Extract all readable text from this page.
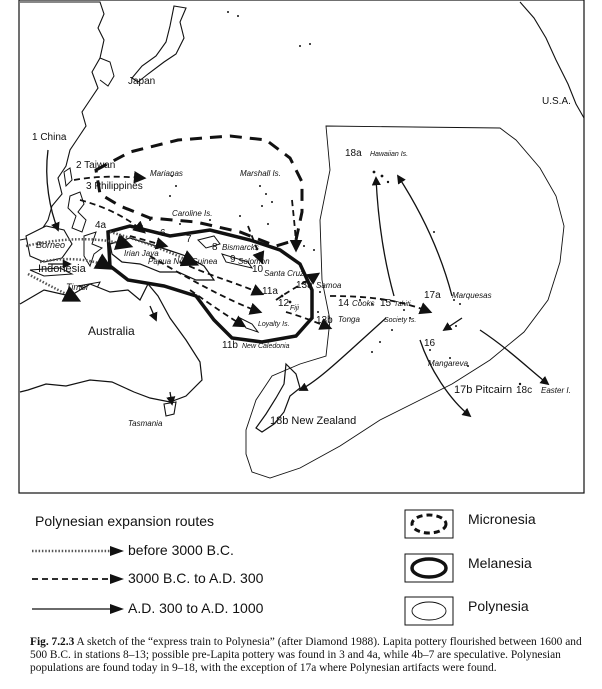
Japan
U.S.A.
Borneo
Indonesia
Timor
Australia
Tasmania
Marianas	Marshall Is.
Caroline Is.
Bismarcks
Solomon
Santa Cruz
Fiji
Loyalty Is.
New Caledonia
Samoa
Tonga
Cooks	Tahiti
Society Is.
Marquesas
Mangareva
Hawaiian Is.
Easter I.
Irian Jaya
Papua New Guinea
1 China
2 Taiwan
3 Philippines
4a
4b
5 6
7
8
9
10
11a
11b
12
13a
13b
14	15
16
17a
17b Pitcairn
18a
18b New Zealand
18c
Polynesian expansion routes
before 3000 B.C.
3000 B.C. to A.D. 300
A.D. 300 to A.D. 1000
Micronesia
Melanesia
Polynesia
Fig. 7.2.3 A sketch of the “express train to Polynesia” (after Diamond 1988). Lapita pottery flourished between 1600 and 500 B.C. in stations 8–13; possible pre-Lapita pottery was found in 3 and 4a, while 4b–7 are speculative. Polynesian populations are found today in 9–18, with the exception of 17a where Polynesian artifacts were found.
